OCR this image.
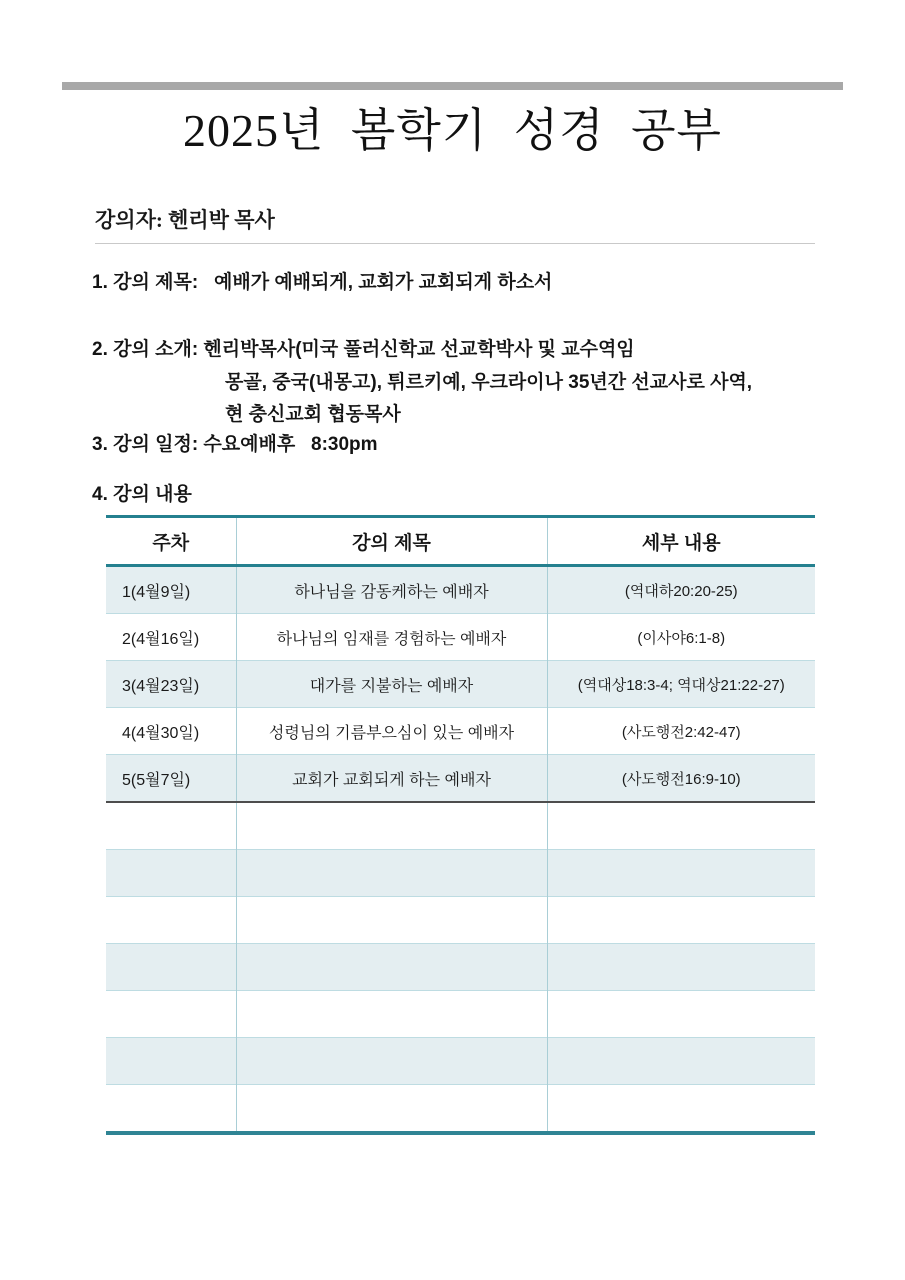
2025년 봄학기 성경 공부
강의자: 헨리박 목사
1. 강의 제목:   예배가 예배되게, 교회가 교회되게 하소서
2. 강의 소개: 헨리박목사(미국 풀러신학교 선교학박사 및 교수역임
몽골, 중국(내몽고), 튀르키예, 우크라이나 35년간 선교사로 사역,
현 충신교회 협동목사
3. 강의 일정: 수요예배후   8:30pm
4. 강의 내용
주차	강의 제목	세부 내용
1(4월9일)	하나님을 감동케하는 예배자	(역대하20:20-25)
2(4월16일)	하나님의 임재를 경험하는 예배자	(이사야6:1-8)
3(4월23일)	대가를 지불하는 예배자	(역대상18:3-4; 역대상21:22-27)
4(4월30일)	성령님의 기름부으심이 있는 예배자	(사도행전2:42-47)
5(5월7일)	교회가 교회되게 하는 예배자	(사도행전16:9-10)
